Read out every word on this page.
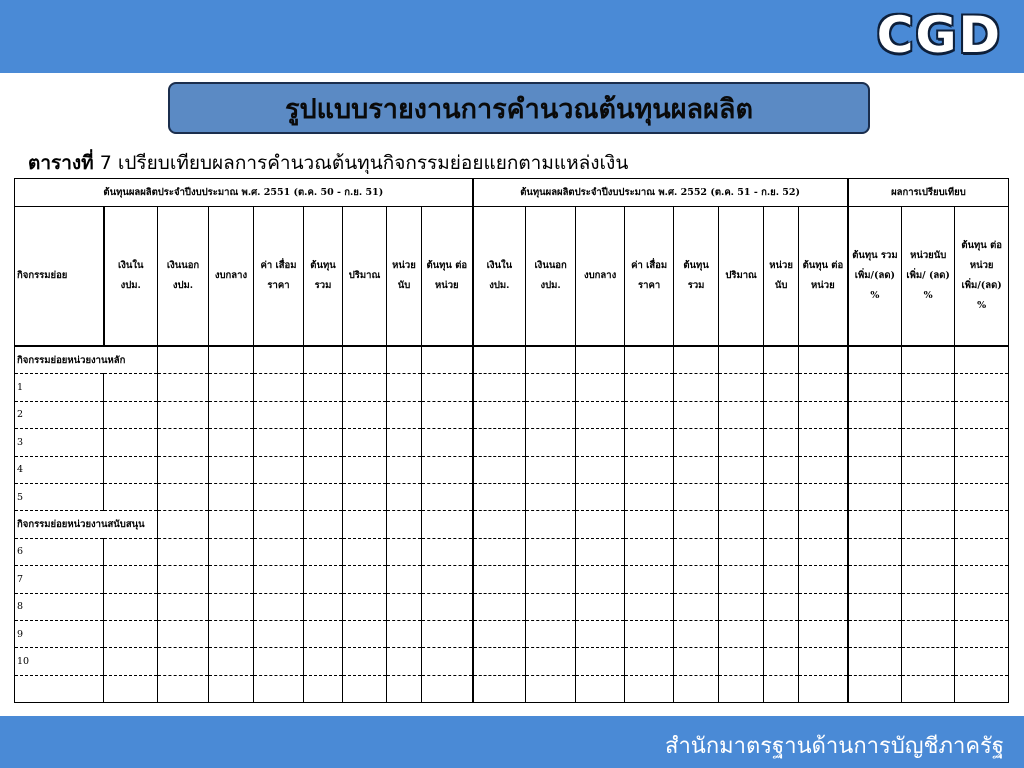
CGD
รูปแบบรายงานการคำนวณต้นทุนผลผลิต
ตารางที่ 7 เปรียบเทียบผลการคำนวณต้นทุนกิจกรรมย่อยแยกตามแหล่งเงิน
ต้นทุนผลผลิตประจำปีงบประมาณ พ.ศ. 2551 (ต.ค. 50 - ก.ย. 51)									ต้นทุนผลผลิตประจำปีงบประมาณ พ.ศ. 2552 (ต.ค. 51 - ก.ย. 52)								ผลการเปรียบเทียบ		
กิจกรรมย่อย	เงินใน งปม.	เงินนอก งปม.	งบกลาง	ค่า เสื่อม ราคา	ต้นทุน รวม	ปริมาณ	หน่วย นับ	ต้นทุน ต่อหน่วย	เงินใน งปม.	เงินนอก งปม.	งบกลาง	ค่า เสื่อม ราคา	ต้นทุน รวม	ปริมาณ	หน่วย นับ	ต้นทุน ต่อหน่วย	ต้นทุน รวม เพิ่ม/(ลด) %	หน่วยนับ เพิ่ม/ (ลด) %	ต้นทุน ต่อหน่วย เพิ่ม/(ลด) %
กิจกรรมย่อยหน่วยงานหลัก																			
1																			
2																			
3																			
4																			
5																			
กิจกรรมย่อยหน่วยงานสนับสนุน																			
6																			
7																			
8																			
9																			
10																			

สำนักมาตรฐานด้านการบัญชีภาครัฐ
